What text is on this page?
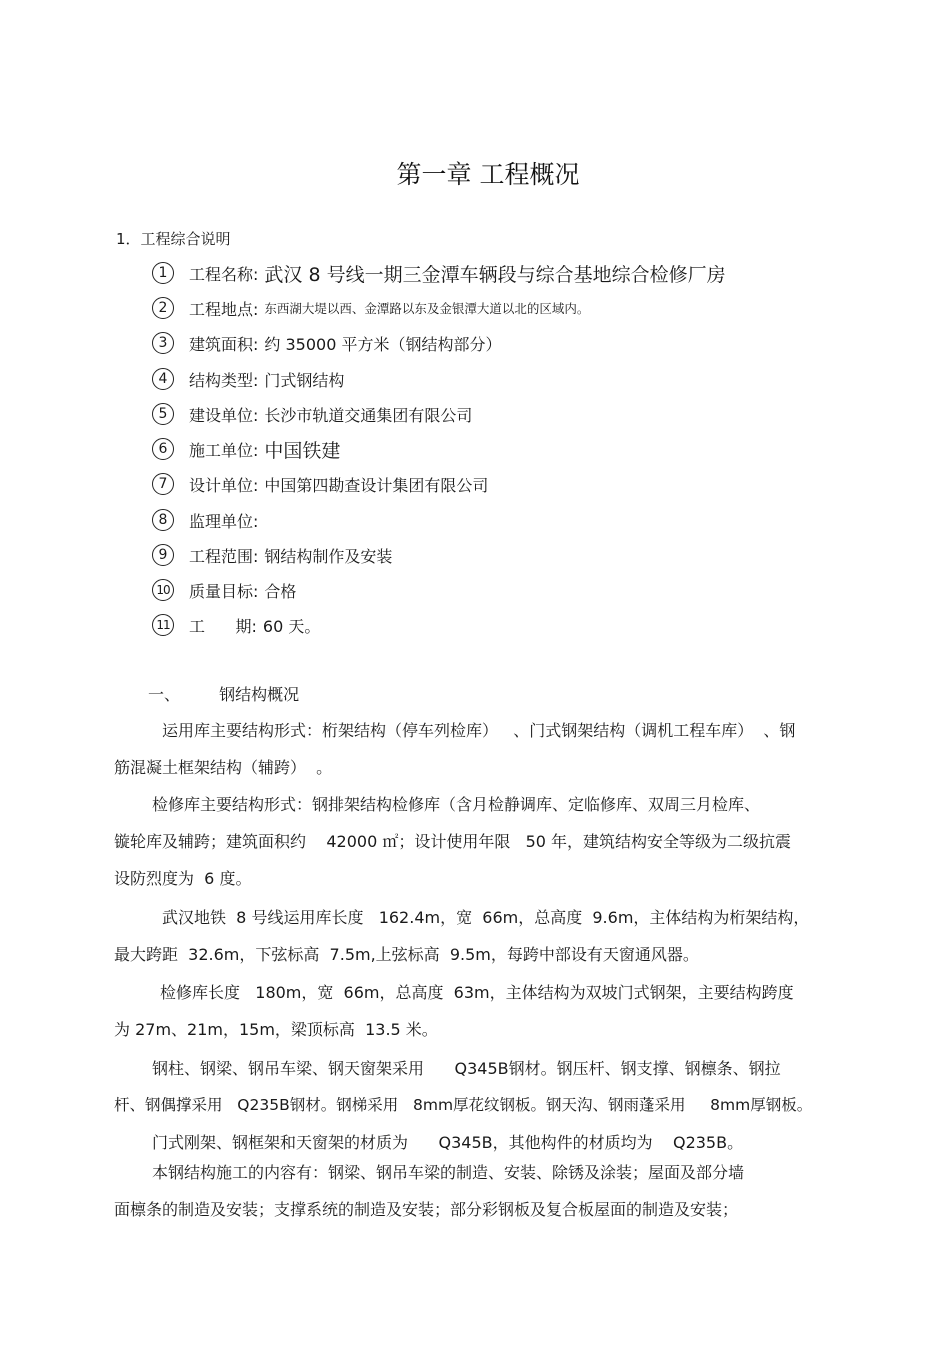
第一章 工程概况
1．工程综合说明
1	工程名称: 武汉 8 号线一期三金潭车辆段与综合基地综合检修厂房
2	工程地点: 东西湖大堤以西、金潭路以东及金银潭大道以北的区域内。
3	建筑面积: 约 35000 平方米（钢结构部分）
4	结构类型: 门式钢结构
5	建设单位: 长沙市轨道交通集团有限公司
6	施工单位: 中国铁建
7	设计单位: 中国第四勘查设计集团有限公司
8	监理单位:
9	工程范围: 钢结构制作及安装
10 质量目标: 合格
11 工      期: 60 天。
一、 钢结构概况
运用库主要结构形式：桁架结构（停车列检库）   、门式钢架结构（调机工程车库）  、钢
筋混凝土框架结构（辅跨）  。
检修库主要结构形式：钢排架结构检修库（含月检静调库、定临修库、双周三月检库、
镟轮库及辅跨；建筑面积约    42000 ㎡；设计使用年限   50 年，建筑结构安全等级为二级抗震
设防烈度为  6 度。
武汉地铁  8 号线运用库长度   162.4m，宽  66m，总高度  9.6m，主体结构为桁架结构，
最大跨距  32.6m，下弦标高  7.5m,上弦标高  9.5m，每跨中部设有天窗通风器。
检修库长度   180m，宽  66m，总高度  63m，主体结构为双坡门式钢架，主要结构跨度
为 27m、21m，15m，梁顶标高  13.5 米。
钢柱、钢梁、钢吊车梁、钢天窗架采用      Q345B钢材。钢压杆、钢支撑、钢檩条、钢拉
杆、钢偶撑采用   Q235B钢材。钢梯采用   8mm厚花纹钢板。钢天沟、钢雨蓬采用     8mm厚钢板。
门式刚架、钢框架和天窗架的材质为      Q345B，其他构件的材质均为    Q235B。
本钢结构施工的内容有：钢梁、钢吊车梁的制造、安装、除锈及涂装；屋面及部分墙
面檩条的制造及安装；支撑系统的制造及安装；部分彩钢板及复合板屋面的制造及安装；
